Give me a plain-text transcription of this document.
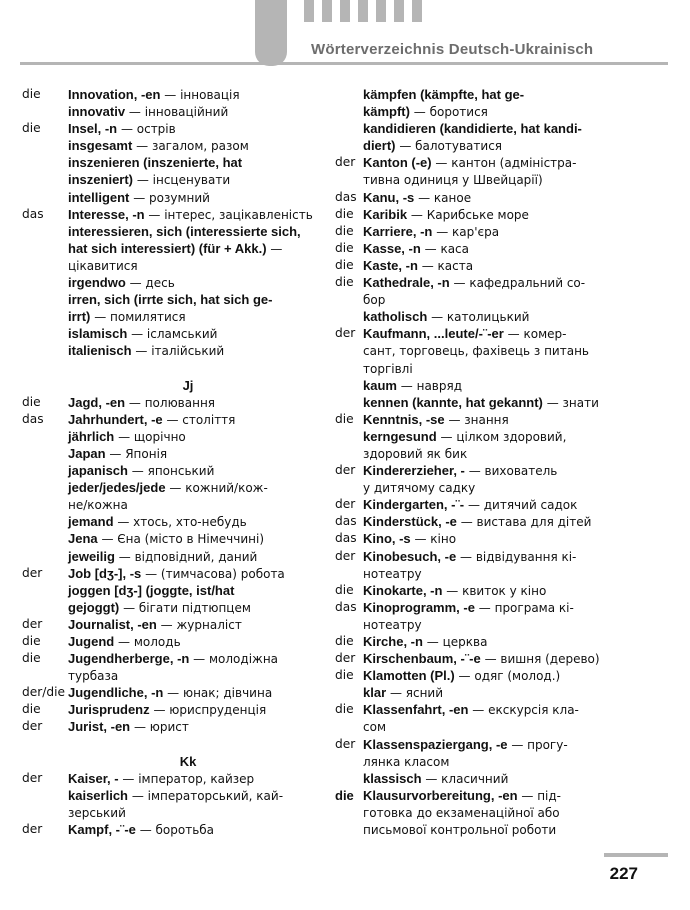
Wörterverzeichnis Deutsch-Ukrainisch
die Innovation, -en — інновація
innovativ — інноваційний
die Insel, -n — острів
insgesamt — загалом, разом
inszenieren (inszenierte, hat
inszeniert) — інсценувати
intelligent — розумний
das Interesse, -n — інтерес, зацікавленість
interessieren, sich (interessierte sich,
hat sich interessiert) (für + Akk.) —
цікавитися
irgendwo — десь
irren, sich (irrte sich, hat sich ge-
irrt) — помилятися
islamisch — ісламський
italienisch — італійський
Jj
die Jagd, -en — полювання
das Jahrhundert, -e — століття
jährlich — щорічно
Japan — Японія
japanisch — японський
jeder/jedes/jede — кожний/кож-
не/кожна
jemand — хтось, хто-небудь
Jena — Єна (місто в Німеччині)
jeweilig — відповідний, даний
der Job [dʒ-], -s — (тимчасова) робота
joggen [dʒ-] (joggte, ist/hat
gejoggt) — бігати підтюпцем
der Journalist, -en — журналіст
die Jugend — молодь
die Jugendherberge, -n — молодіжна
турбаза
der/die Jugendliche, -n — юнак; дівчина
die Jurisprudenz — юриспруденція
der Jurist, -en — юрист
Kk
der Kaiser, - — імператор, кайзер
kaiserlich — імператорський, кай-
зерський
der Kampf, -¨-e — боротьба
kämpfen (kämpfte, hat ge-
kämpft) — боротися
kandidieren (kandidierte, hat kandi-
diert) — балотуватися
der Kanton (-e) — кантон (адміністра-
тивна одиниця у Швейцарії)
das Kanu, -s — каное
die Karibik — Карибське море
die Karriere, -n — кар'єра
die Kasse, -n — каса
die Kaste, -n — каста
die Kathedrale, -n — кафедральний со-
бор
katholisch — католицький
der Kaufmann, ...leute/-¨-er — комер-
сант, торговець, фахівець з питань
торгівлі
kaum — навряд
kennen (kannte, hat gekannt) — знати
die Kenntnis, -se — знання
kerngesund — цілком здоровий,
здоровий як бик
der Kindererzieher, - — вихователь
у дитячому садку
der Kindergarten, -¨- — дитячий садок
das Kinderstück, -e — вистава для дітей
das Kino, -s — кіно
der Kinobesuch, -e — відвідування кі-
нотеатру
die Kinokarte, -n — квиток у кіно
das Kinoprogramm, -e — програма кі-
нотеатру
die Kirche, -n — церква
der Kirschenbaum, -¨-e — вишня (дерево)
die Klamotten (Pl.) — одяг (молод.)
klar — ясний
die Klassenfahrt, -en — екскурсія кла-
сом
der Klassenspaziergang, -e — прогу-
лянка класом
klassisch — класичний
die Klausurvorbereitung, -en — під-
готовка до екзаменаційної або
письмової контрольної роботи
227
